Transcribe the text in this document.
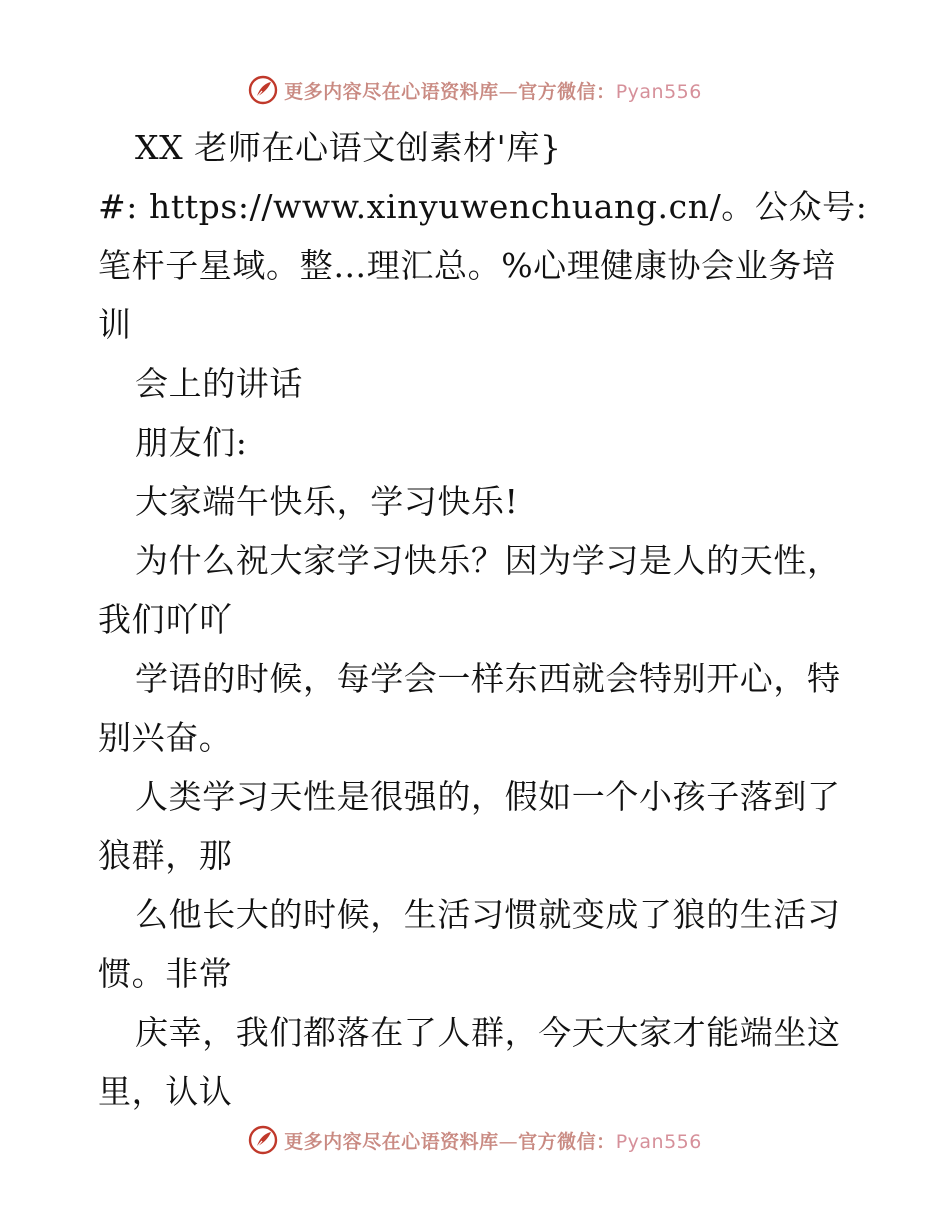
更多内容尽在心语资料库—官方微信：Pyan556
XX 老师在心语文创素材'库}
#: https://www.xinyuwenchuang.cn/。公众号:
笔杆子星域。整…理汇总。%心理健康协会业务培
训
会上的讲话
朋友们:
大家端午快乐，学习快乐!
为什么祝大家学习快乐？因为学习是人的天性，
我们吖吖
学语的时候，每学会一样东西就会特别开心，特
别兴奋。
人类学习天性是很强的，假如一个小孩子落到了
狼群，那
么他长大的时候，生活习惯就变成了狼的生活习
惯。非常
庆幸，我们都落在了人群，今天大家才能端坐这
里，认认
更多内容尽在心语资料库—官方微信：Pyan556
